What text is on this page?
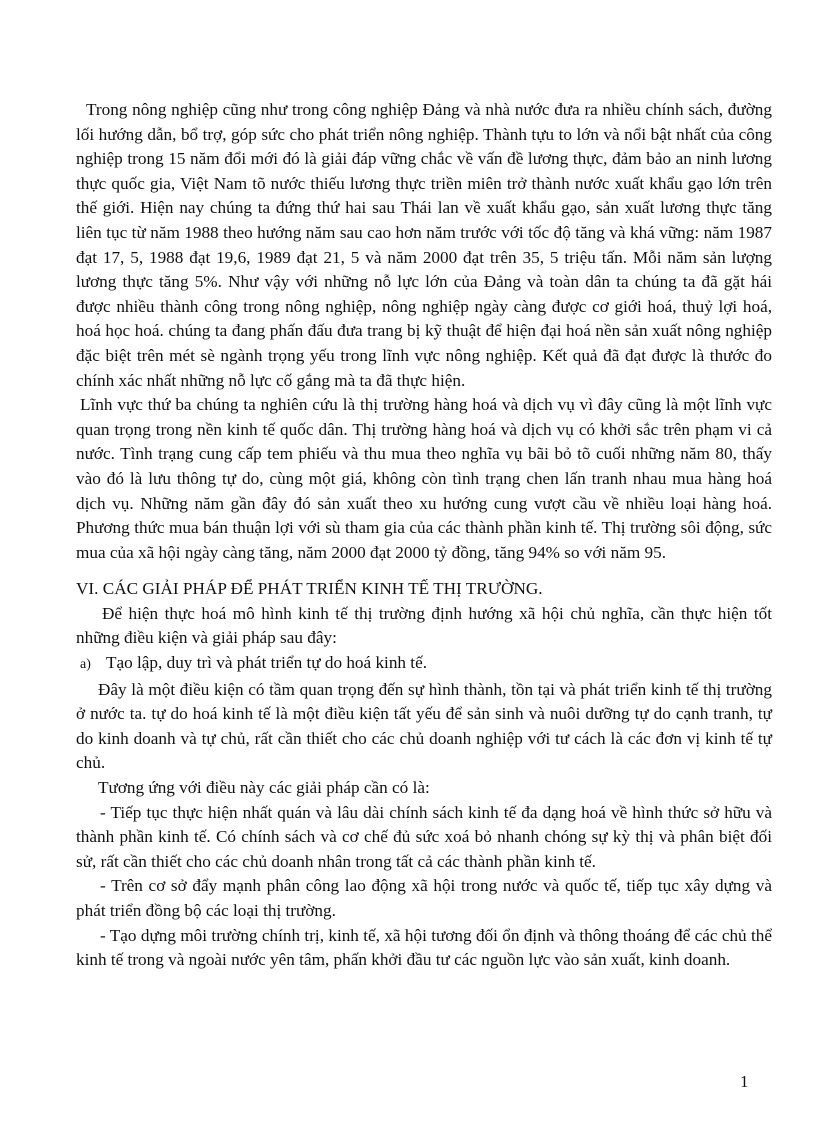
Trong nông nghiệp cũng như trong công nghiệp Đảng và nhà nước đưa ra nhiều chính sách, đường lối hướng dẫn, bổ trợ, góp sức cho phát triển nông nghiệp. Thành tựu to lớn và nổi bật nhất của công nghiệp trong 15 năm đổi mới đó là giải đáp vững chắc về vấn đề lương thực, đảm bảo an ninh lương thực quốc gia, Việt Nam tõ nước thiếu lương thực triền miên trở thành nước xuất khẩu gạo lớn trên thế giới. Hiện nay chúng ta đứng thứ hai sau Thái lan về xuất khẩu gạo, sản xuất lương thực tăng liên tục từ năm 1988 theo hướng năm sau cao hơn năm trước với tốc độ tăng và khá vững: năm 1987 đạt 17, 5, 1988 đạt 19,6, 1989 đạt 21, 5 và năm 2000 đạt trên 35, 5 triệu tấn. Mỗi năm sản lượng lương thực tăng 5%. Như vậy với những nỗ lực lớn của Đảng và toàn dân ta chúng ta đã gặt hái được nhiều thành công trong nông nghiệp, nông nghiệp ngày càng được cơ giới hoá, thuỷ lợi hoá, hoá học hoá. chúng ta đang phấn đấu đưa trang bị kỹ thuật để hiện đại hoá nền sản xuất nông nghiệp đặc biệt trên mét sè ngành trọng yếu trong lĩnh vực nông nghiệp. Kết quả đã đạt được là thước đo chính xác nhất những nỗ lực cố gắng mà ta đã thực hiện.

Lĩnh vực thứ ba chúng ta nghiên cứu là thị trường hàng hoá và dịch vụ vì đây cũng là một lĩnh vực quan trọng trong nền kinh tế quốc dân. Thị trường hàng hoá và dịch vụ có khởi sắc trên phạm vi cả nước. Tình trạng cung cấp tem phiếu và thu mua theo nghĩa vụ bãi bỏ tõ cuối những năm 80, thấy vào đó là lưu thông tự do, cùng một giá, không còn tình trạng chen lấn tranh nhau mua hàng hoá dịch vụ. Những năm gần đây đó sản xuất theo xu hướng cung vượt cầu về nhiều loại hàng hoá. Phương thức mua bán thuận lợi với sù tham gia của các thành phần kinh tế. Thị trường sôi động, sức mua của xã hội ngày càng tăng, năm 2000 đạt 2000 tỷ đồng, tăng 94% so với năm 95.

VI. CÁC GIẢI PHÁP ĐỂ PHÁT TRIỂN KINH TẾ THỊ TRƯỜNG.

Để hiện thực hoá mô hình kinh tế thị trường định hướng xã hội chủ nghĩa, cần thực hiện tốt những điều kiện và giải pháp sau đây:

a) Tạo lập, duy trì và phát triển tự do hoá kinh tế.

Đây là một điều kiện có tầm quan trọng đến sự hình thành, tồn tại và phát triển kinh tế thị trường ở nước ta. tự do hoá kinh tế là một điều kiện tất yếu để sản sinh và nuôi dưỡng tự do cạnh tranh, tự do kinh doanh và tự chủ, rất cần thiết cho các chủ doanh nghiệp với tư cách là các đơn vị kinh tế tự chủ.

Tương ứng với điều này các giải pháp cần có là:

- Tiếp tục thực hiện nhất quán và lâu dài chính sách kinh tế đa dạng hoá về hình thức sở hữu và thành phần kinh tế. Có chính sách và cơ chế đủ sức xoá bỏ nhanh chóng sự kỳ thị và phân biệt đối sử, rất cần thiết cho các chủ doanh nhân trong tất cả các thành phần kinh tế.

- Trên cơ sở đẩy mạnh phân công lao động xã hội trong nước và quốc tế, tiếp tục xây dựng và phát triển đồng bộ các loại thị trường.

- Tạo dựng môi trường chính trị, kinh tế, xã hội tương đối ổn định và thông thoáng để các chủ thể kinh tế trong và ngoài nước yên tâm, phấn khởi đầu tư các nguồn lực vào sản xuất, kinh doanh.

1
